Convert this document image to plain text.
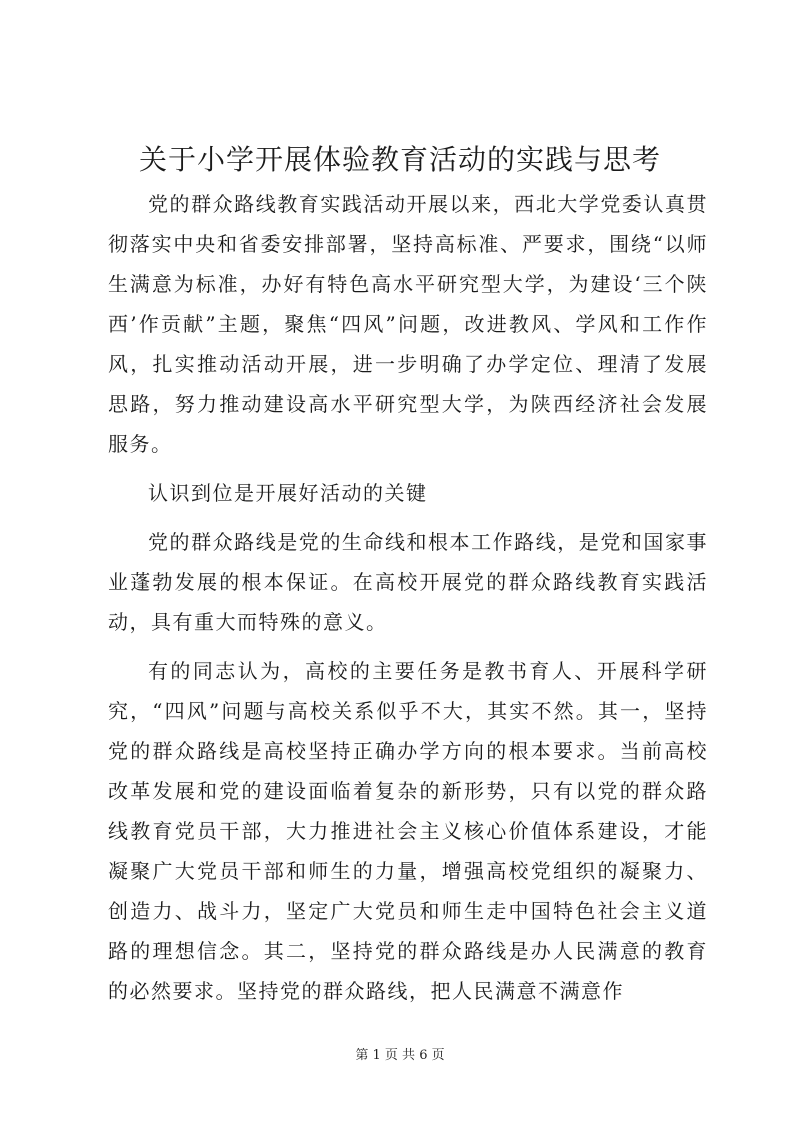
关于小学开展体验教育活动的实践与思考

党的群众路线教育实践活动开展以来，西北大学党委认真贯彻落实中央和省委安排部署，坚持高标准、严要求，围绕“以师生满意为标准，办好有特色高水平研究型大学，为建设‘三个陕西’作贡献”主题，聚焦“四风”问题，改进教风、学风和工作作风，扎实推动活动开展，进一步明确了办学定位、理清了发展思路，努力推动建设高水平研究型大学，为陕西经济社会发展服务。

认识到位是开展好活动的关键

党的群众路线是党的生命线和根本工作路线，是党和国家事业蓬勃发展的根本保证。在高校开展党的群众路线教育实践活动，具有重大而特殊的意义。

有的同志认为，高校的主要任务是教书育人、开展科学研究，“四风”问题与高校关系似乎不大，其实不然。其一，坚持党的群众路线是高校坚持正确办学方向的根本要求。当前高校改革发展和党的建设面临着复杂的新形势，只有以党的群众路线教育党员干部，大力推进社会主义核心价值体系建设，才能凝聚广大党员干部和师生的力量，增强高校党组织的凝聚力、创造力、战斗力，坚定广大党员和师生走中国特色社会主义道路的理想信念。其二，坚持党的群众路线是办人民满意的教育的必然要求。坚持党的群众路线，把人民满意不满意作

第 1 页 共 6 页
